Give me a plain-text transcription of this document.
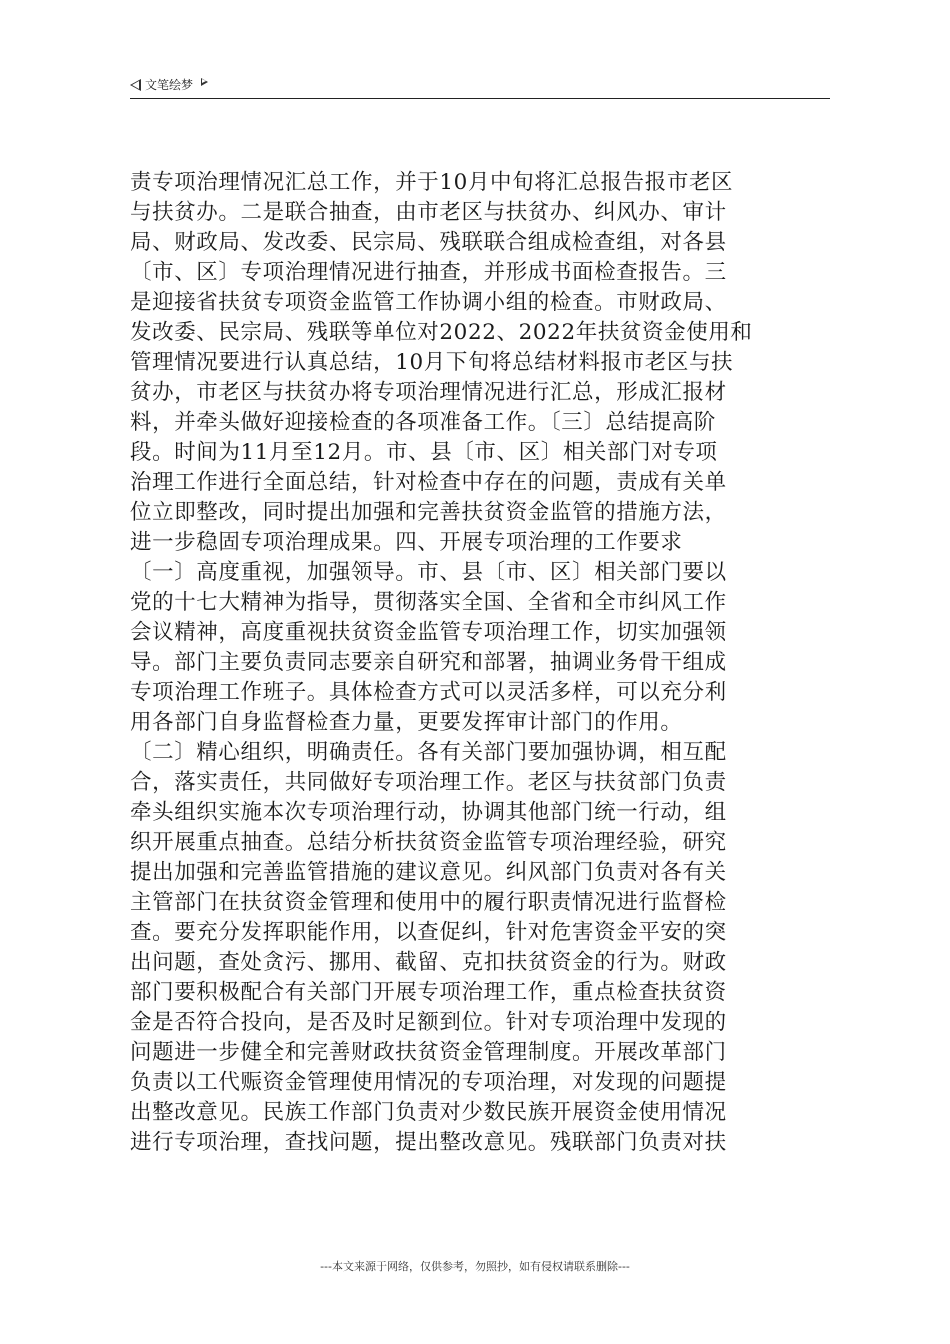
文笔绘梦
责专项治理情况汇总工作，并于10月中旬将汇总报告报市老区
与扶贫办。二是联合抽查，由市老区与扶贫办、纠风办、审计
局、财政局、发改委、民宗局、残联联合组成检查组，对各县
〔市、区〕专项治理情况进行抽查，并形成书面检查报告。三
是迎接省扶贫专项资金监管工作协调小组的检查。市财政局、
发改委、民宗局、残联等单位对2022、2022年扶贫资金使用和
管理情况要进行认真总结，10月下旬将总结材料报市老区与扶
贫办，市老区与扶贫办将专项治理情况进行汇总，形成汇报材
料，并牵头做好迎接检查的各项准备工作。〔三〕总结提高阶
段。时间为11月至12月。市、县〔市、区〕相关部门对专项
治理工作进行全面总结，针对检查中存在的问题，责成有关单
位立即整改，同时提出加强和完善扶贫资金监管的措施方法，
进一步稳固专项治理成果。四、开展专项治理的工作要求
〔一〕高度重视，加强领导。市、县〔市、区〕相关部门要以
党的十七大精神为指导，贯彻落实全国、全省和全市纠风工作
会议精神，高度重视扶贫资金监管专项治理工作，切实加强领
导。部门主要负责同志要亲自研究和部署，抽调业务骨干组成
专项治理工作班子。具体检查方式可以灵活多样，可以充分利
用各部门自身监督检查力量，更要发挥审计部门的作用。
〔二〕精心组织，明确责任。各有关部门要加强协调，相互配
合，落实责任，共同做好专项治理工作。老区与扶贫部门负责
牵头组织实施本次专项治理行动，协调其他部门统一行动，组
织开展重点抽查。总结分析扶贫资金监管专项治理经验，研究
提出加强和完善监管措施的建议意见。纠风部门负责对各有关
主管部门在扶贫资金管理和使用中的履行职责情况进行监督检
查。要充分发挥职能作用，以查促纠，针对危害资金平安的突
出问题，查处贪污、挪用、截留、克扣扶贫资金的行为。财政
部门要积极配合有关部门开展专项治理工作，重点检查扶贫资
金是否符合投向，是否及时足额到位。针对专项治理中发现的
问题进一步健全和完善财政扶贫资金管理制度。开展改革部门
负责以工代赈资金管理使用情况的专项治理，对发现的问题提
出整改意见。民族工作部门负责对少数民族开展资金使用情况
进行专项治理，查找问题，提出整改意见。残联部门负责对扶
---本文来源于网络，仅供参考，勿照抄，如有侵权请联系删除---
